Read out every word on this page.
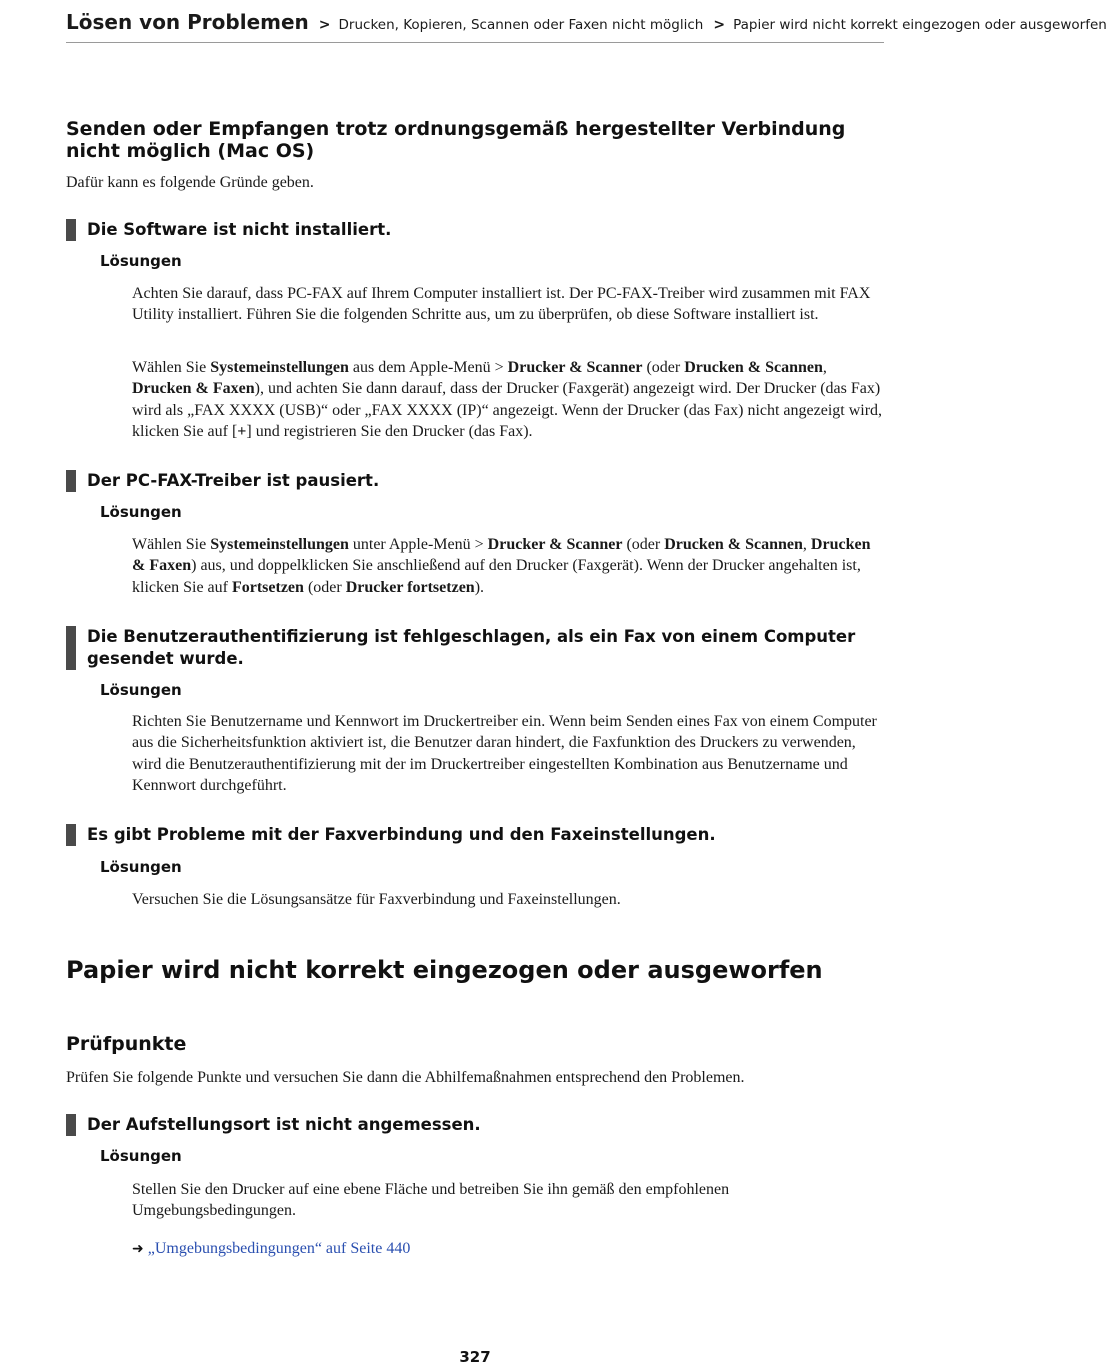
Lösen von Problemen > Drucken, Kopieren, Scannen oder Faxen nicht möglich > Papier wird nicht korrekt eingezogen oder ausgeworfen
Senden oder Empfangen trotz ordnungsgemäß hergestellter Verbindung nicht möglich (Mac OS)

Dafür kann es folgende Gründe geben.

Die Software ist nicht installiert.
Lösungen

Achten Sie darauf, dass PC-FAX auf Ihrem Computer installiert ist. Der PC-FAX-Treiber wird zusammen mit FAX Utility installiert. Führen Sie die folgenden Schritte aus, um zu überprüfen, ob diese Software installiert ist.

Wählen Sie Systemeinstellungen aus dem Apple-Menü > Drucker & Scanner (oder Drucken & Scannen, Drucken & Faxen), und achten Sie dann darauf, dass der Drucker (Faxgerät) angezeigt wird. Der Drucker (das Fax) wird als „FAX XXXX (USB)“ oder „FAX XXXX (IP)“ angezeigt. Wenn der Drucker (das Fax) nicht angezeigt wird, klicken Sie auf [+] und registrieren Sie den Drucker (das Fax).

Der PC-FAX-Treiber ist pausiert.
Lösungen

Wählen Sie Systemeinstellungen unter Apple-Menü > Drucker & Scanner (oder Drucken & Scannen, Drucken & Faxen) aus, und doppelklicken Sie anschließend auf den Drucker (Faxgerät). Wenn der Drucker angehalten ist, klicken Sie auf Fortsetzen (oder Drucker fortsetzen).

Die Benutzerauthentifizierung ist fehlgeschlagen, als ein Fax von einem Computer gesendet wurde.
Lösungen

Richten Sie Benutzername und Kennwort im Druckertreiber ein. Wenn beim Senden eines Fax von einem Computer aus die Sicherheitsfunktion aktiviert ist, die Benutzer daran hindert, die Faxfunktion des Druckers zu verwenden, wird die Benutzerauthentifizierung mit der im Druckertreiber eingestellten Kombination aus Benutzername und Kennwort durchgeführt.

Es gibt Probleme mit der Faxverbindung und den Faxeinstellungen.
Lösungen

Versuchen Sie die Lösungsansätze für Faxverbindung und Faxeinstellungen.

Papier wird nicht korrekt eingezogen oder ausgeworfen
Prüfpunkte

Prüfen Sie folgende Punkte und versuchen Sie dann die Abhilfemaßnahmen entsprechend den Problemen.

Der Aufstellungsort ist nicht angemessen.
Lösungen

Stellen Sie den Drucker auf eine ebene Fläche und betreiben Sie ihn gemäß den empfohlenen Umgebungsbedingungen.

➜ „Umgebungsbedingungen“ auf Seite 440
327
